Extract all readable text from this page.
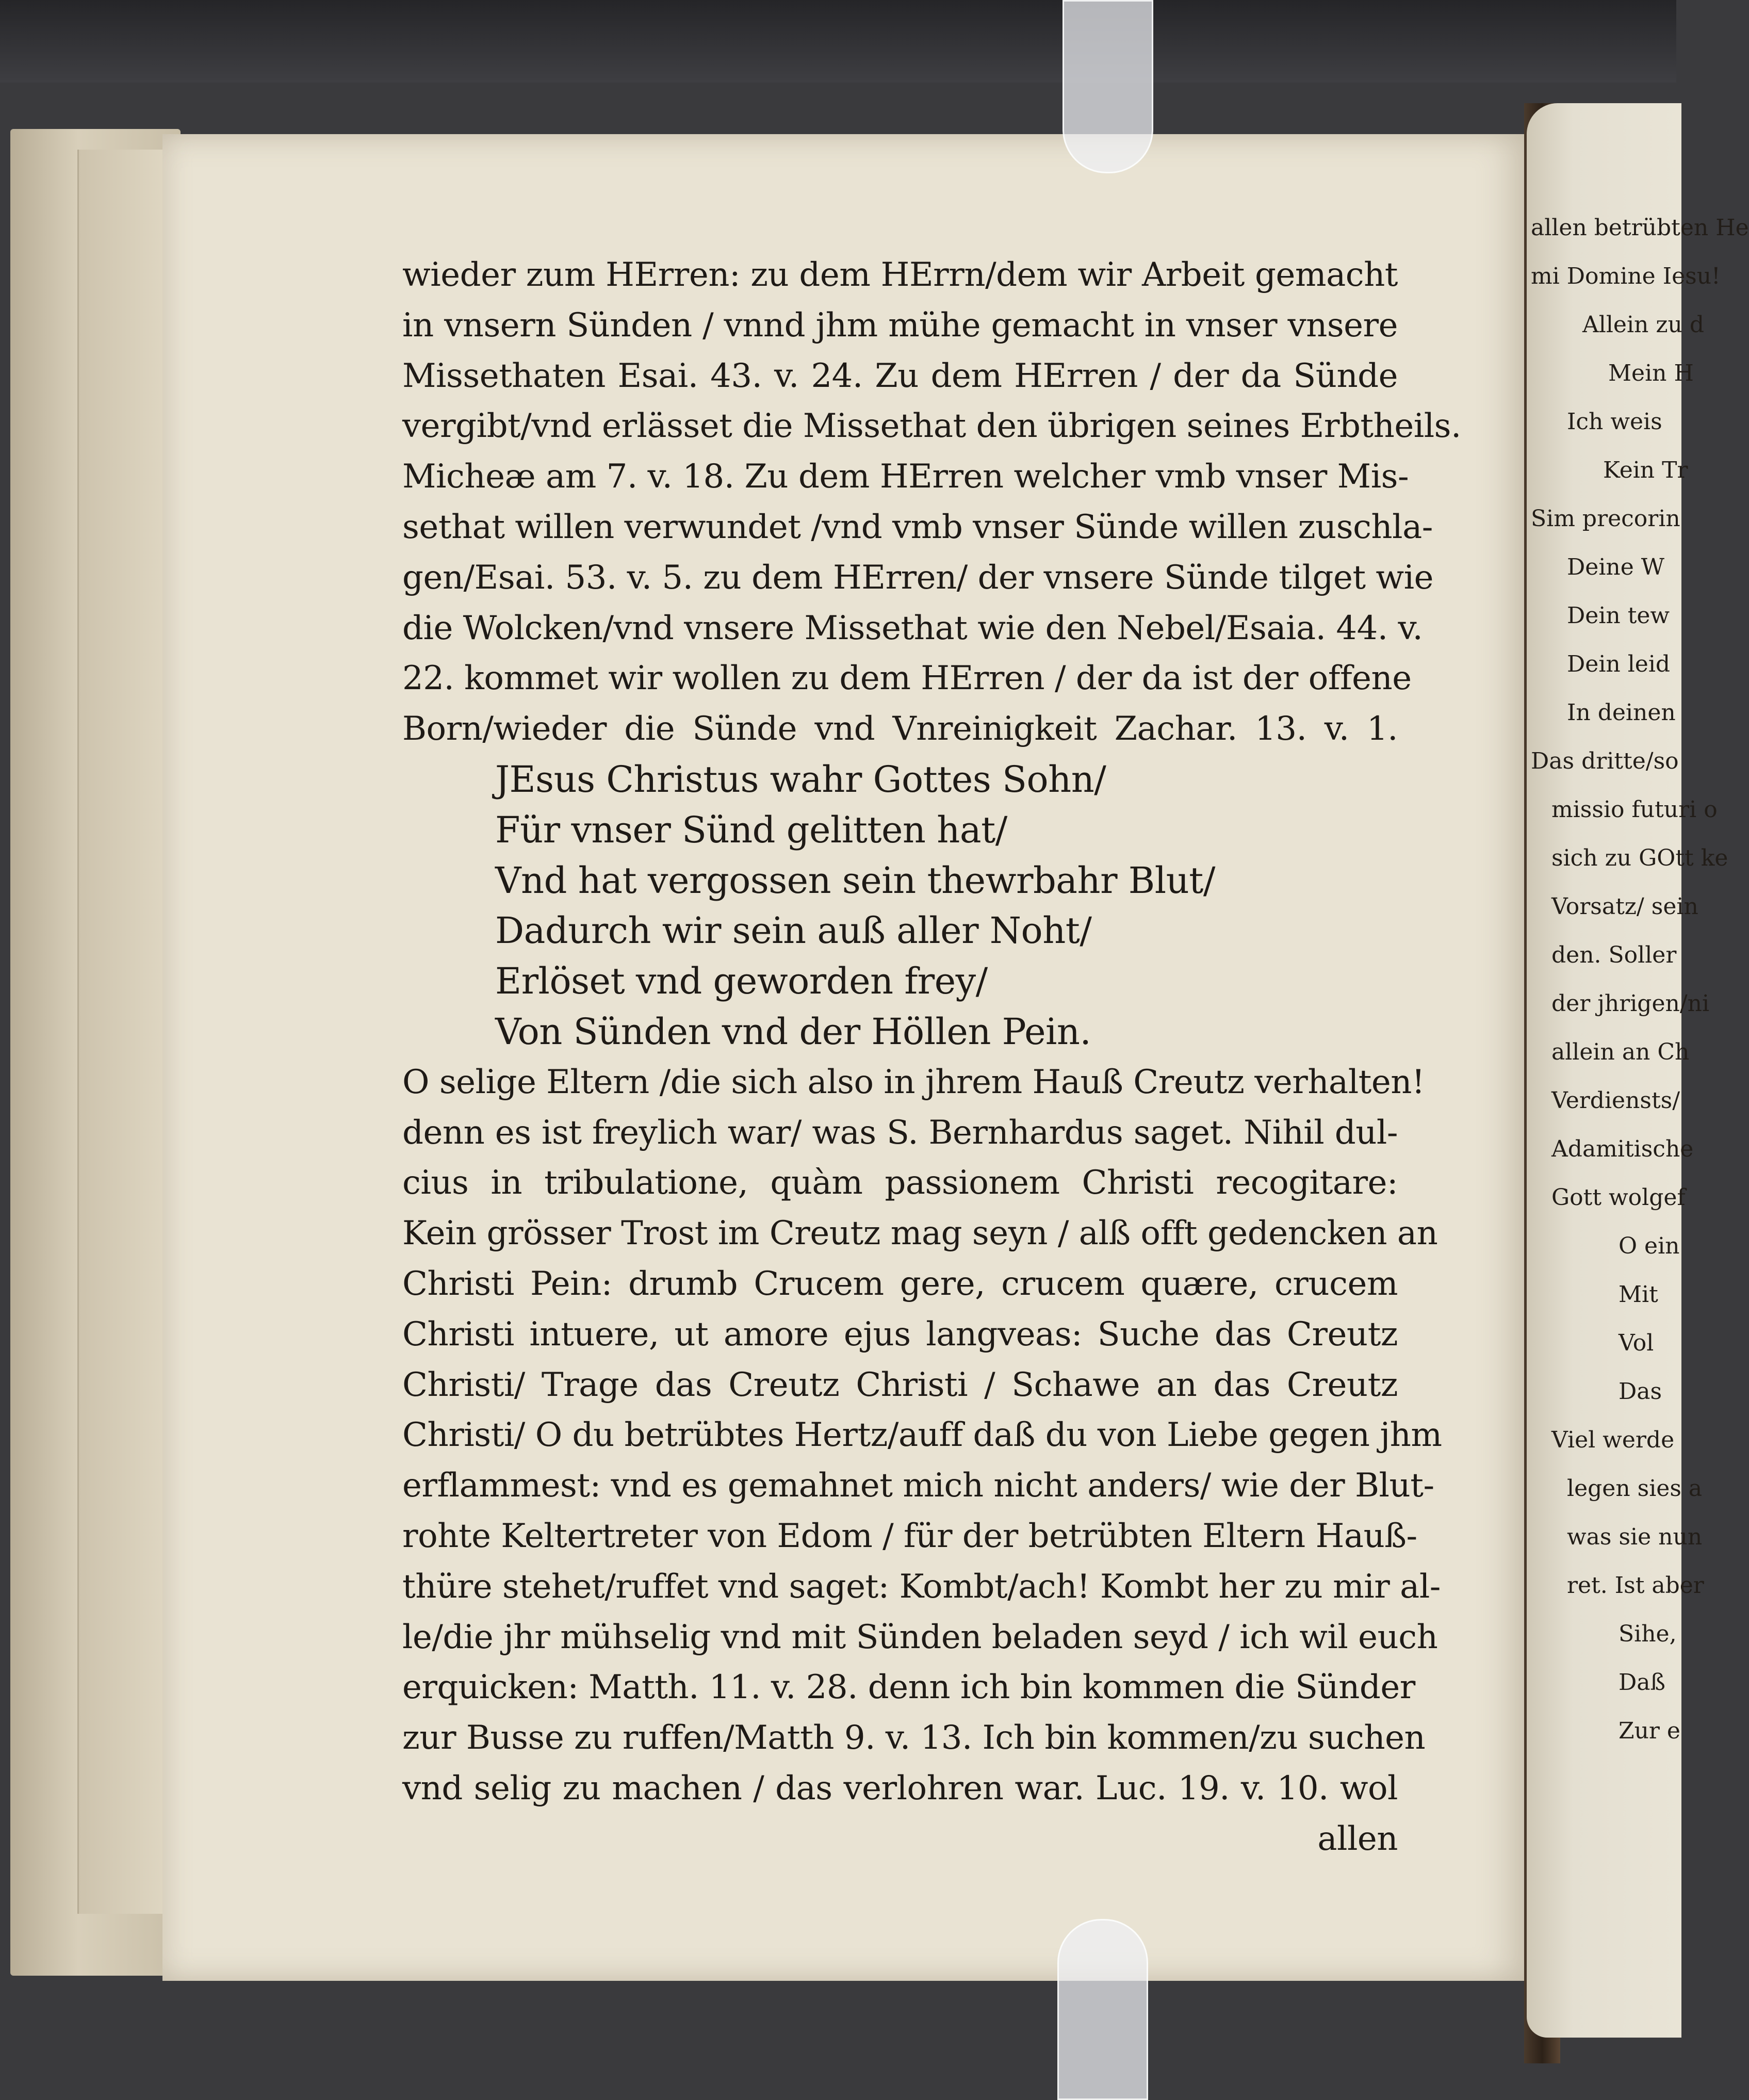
allen betrübten He
mi Domine Iesu!
Allein zu d
Mein H
Ich weis
Kein Tr
Sim precorin
Deine W
Dein tew
Dein leid
In deinen
Das dritte/so
missio futuri o
sich zu GOtt ke
Vorsatz/ sein
den. Soller
der jhrigen/ni
allein an Ch
Verdiensts/
Adamitische
Gott wolgef
O ein
Mit
Vol
Das
Viel werde
legen sies a
was sie nun
ret. Ist aber
Sihe,
Daß
Zur e
wieder zum HErren: zu dem HErrn/dem wir Arbeit gemacht
in vnsern Sünden / vnnd jhm mühe gemacht in vnser vnsere
Missethaten Esai. 43. v. 24. Zu dem HErren / der da Sünde
vergibt/vnd erlässet die Missethat den übrigen seines Erbtheils.
Micheæ am 7. v. 18. Zu dem HErren welcher vmb vnser Mis-
sethat willen verwundet /vnd vmb vnser Sünde willen zuschla-
gen/Esai. 53. v. 5. zu dem HErren/ der vnsere Sünde tilget wie
die Wolcken/vnd vnsere Missethat wie den Nebel/Esaia. 44. v.
22. kommet wir wollen zu dem HErren / der da ist der offene
Born/wieder die Sünde vnd Vnreinigkeit Zachar. 13. v. 1.
JEsus Christus wahr Gottes Sohn/
Für vnser Sünd gelitten hat/
Vnd hat vergossen sein thewrbahr Blut/
Dadurch wir sein auß aller Noht/
Erlöset vnd geworden frey/
Von Sünden vnd der Höllen Pein.
O selige Eltern /die sich also in jhrem Hauß Creutz verhalten!
denn es ist freylich war/ was S. Bernhardus saget. Nihil dul-
cius in tribulatione, quàm passionem Christi recogitare:
Kein grösser Trost im Creutz mag seyn / alß offt gedencken an
Christi Pein: drumb Crucem gere, crucem quære, crucem
Christi intuere, ut amore ejus langveas: Suche das Creutz
Christi/ Trage das Creutz Christi / Schawe an das Creutz
Christi/ O du betrübtes Hertz/auff daß du von Liebe gegen jhm
erflammest: vnd es gemahnet mich nicht anders/ wie der Blut-
rohte Keltertreter von Edom / für der betrübten Eltern Hauß-
thüre stehet/ruffet vnd saget: Kombt/ach! Kombt her zu mir al-
le/die jhr mühselig vnd mit Sünden beladen seyd / ich wil euch
erquicken: Matth. 11. v. 28. denn ich bin kommen die Sünder
zur Busse zu ruffen/Matth 9. v. 13. Ich bin kommen/zu suchen
vnd selig zu machen / das verlohren war. Luc. 19. v. 10. wol
allen
